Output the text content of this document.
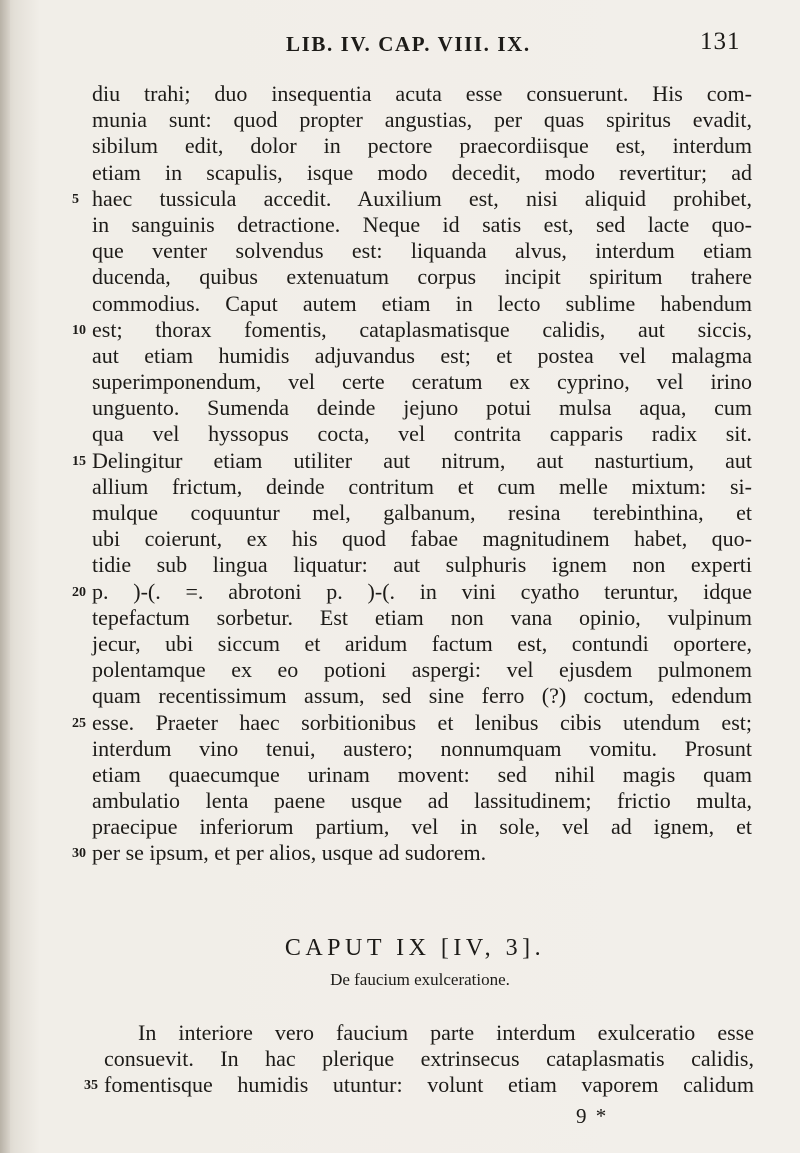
LIB. IV. CAP. VIII. IX.	131
diu trahi; duo insequentia acuta esse consuerunt. His com-
munia sunt: quod propter angustias, per quas spiritus evadit,
sibilum edit, dolor in pectore praecordiisque est, interdum
etiam in scapulis, isque modo decedit, modo revertitur; ad
5 haec tussicula accedit. Auxilium est, nisi aliquid prohibet,
in sanguinis detractione. Neque id satis est, sed lacte quo-
que venter solvendus est: liquanda alvus, interdum etiam
ducenda, quibus extenuatum corpus incipit spiritum trahere
commodius. Caput autem etiam in lecto sublime habendum
10 est; thorax fomentis, cataplasmatisque calidis, aut siccis,
aut etiam humidis adjuvandus est; et postea vel malagma
superimponendum, vel certe ceratum ex cyprino, vel irino
unguento. Sumenda deinde jejuno potui mulsa aqua, cum
qua vel hyssopus cocta, vel contrita capparis radix sit.
15 Delingitur etiam utiliter aut nitrum, aut nasturtium, aut
allium frictum, deinde contritum et cum melle mixtum: si-
mulque coquuntur mel, galbanum, resina terebinthina, et
ubi coierunt, ex his quod fabae magnitudinem habet, quo-
tidie sub lingua liquatur: aut sulphuris ignem non experti
20 p. )-(. =. abrotoni p. )-(. in vini cyatho teruntur, idque
tepefactum sorbetur. Est etiam non vana opinio, vulpinum
jecur, ubi siccum et aridum factum est, contundi oportere,
polentamque ex eo potioni aspergi: vel ejusdem pulmonem
quam recentissimum assum, sed sine ferro (?) coctum, edendum
25 esse. Praeter haec sorbitionibus et lenibus cibis utendum est;
interdum vino tenui, austero; nonnumquam vomitu. Prosunt
etiam quaecumque urinam movent: sed nihil magis quam
ambulatio lenta paene usque ad lassitudinem; frictio multa,
praecipue inferiorum partium, vel in sole, vel ad ignem, et
30 per se ipsum, et per alios, usque ad sudorem.
CAPUT IX [IV, 3].
De faucium exulceratione.
In interiore vero faucium parte interdum exulceratio esse
consuevit. In hac plerique extrinsecus cataplasmatis calidis,
35 fomentisque humidis utuntur: volunt etiam vaporem calidum
9 *
